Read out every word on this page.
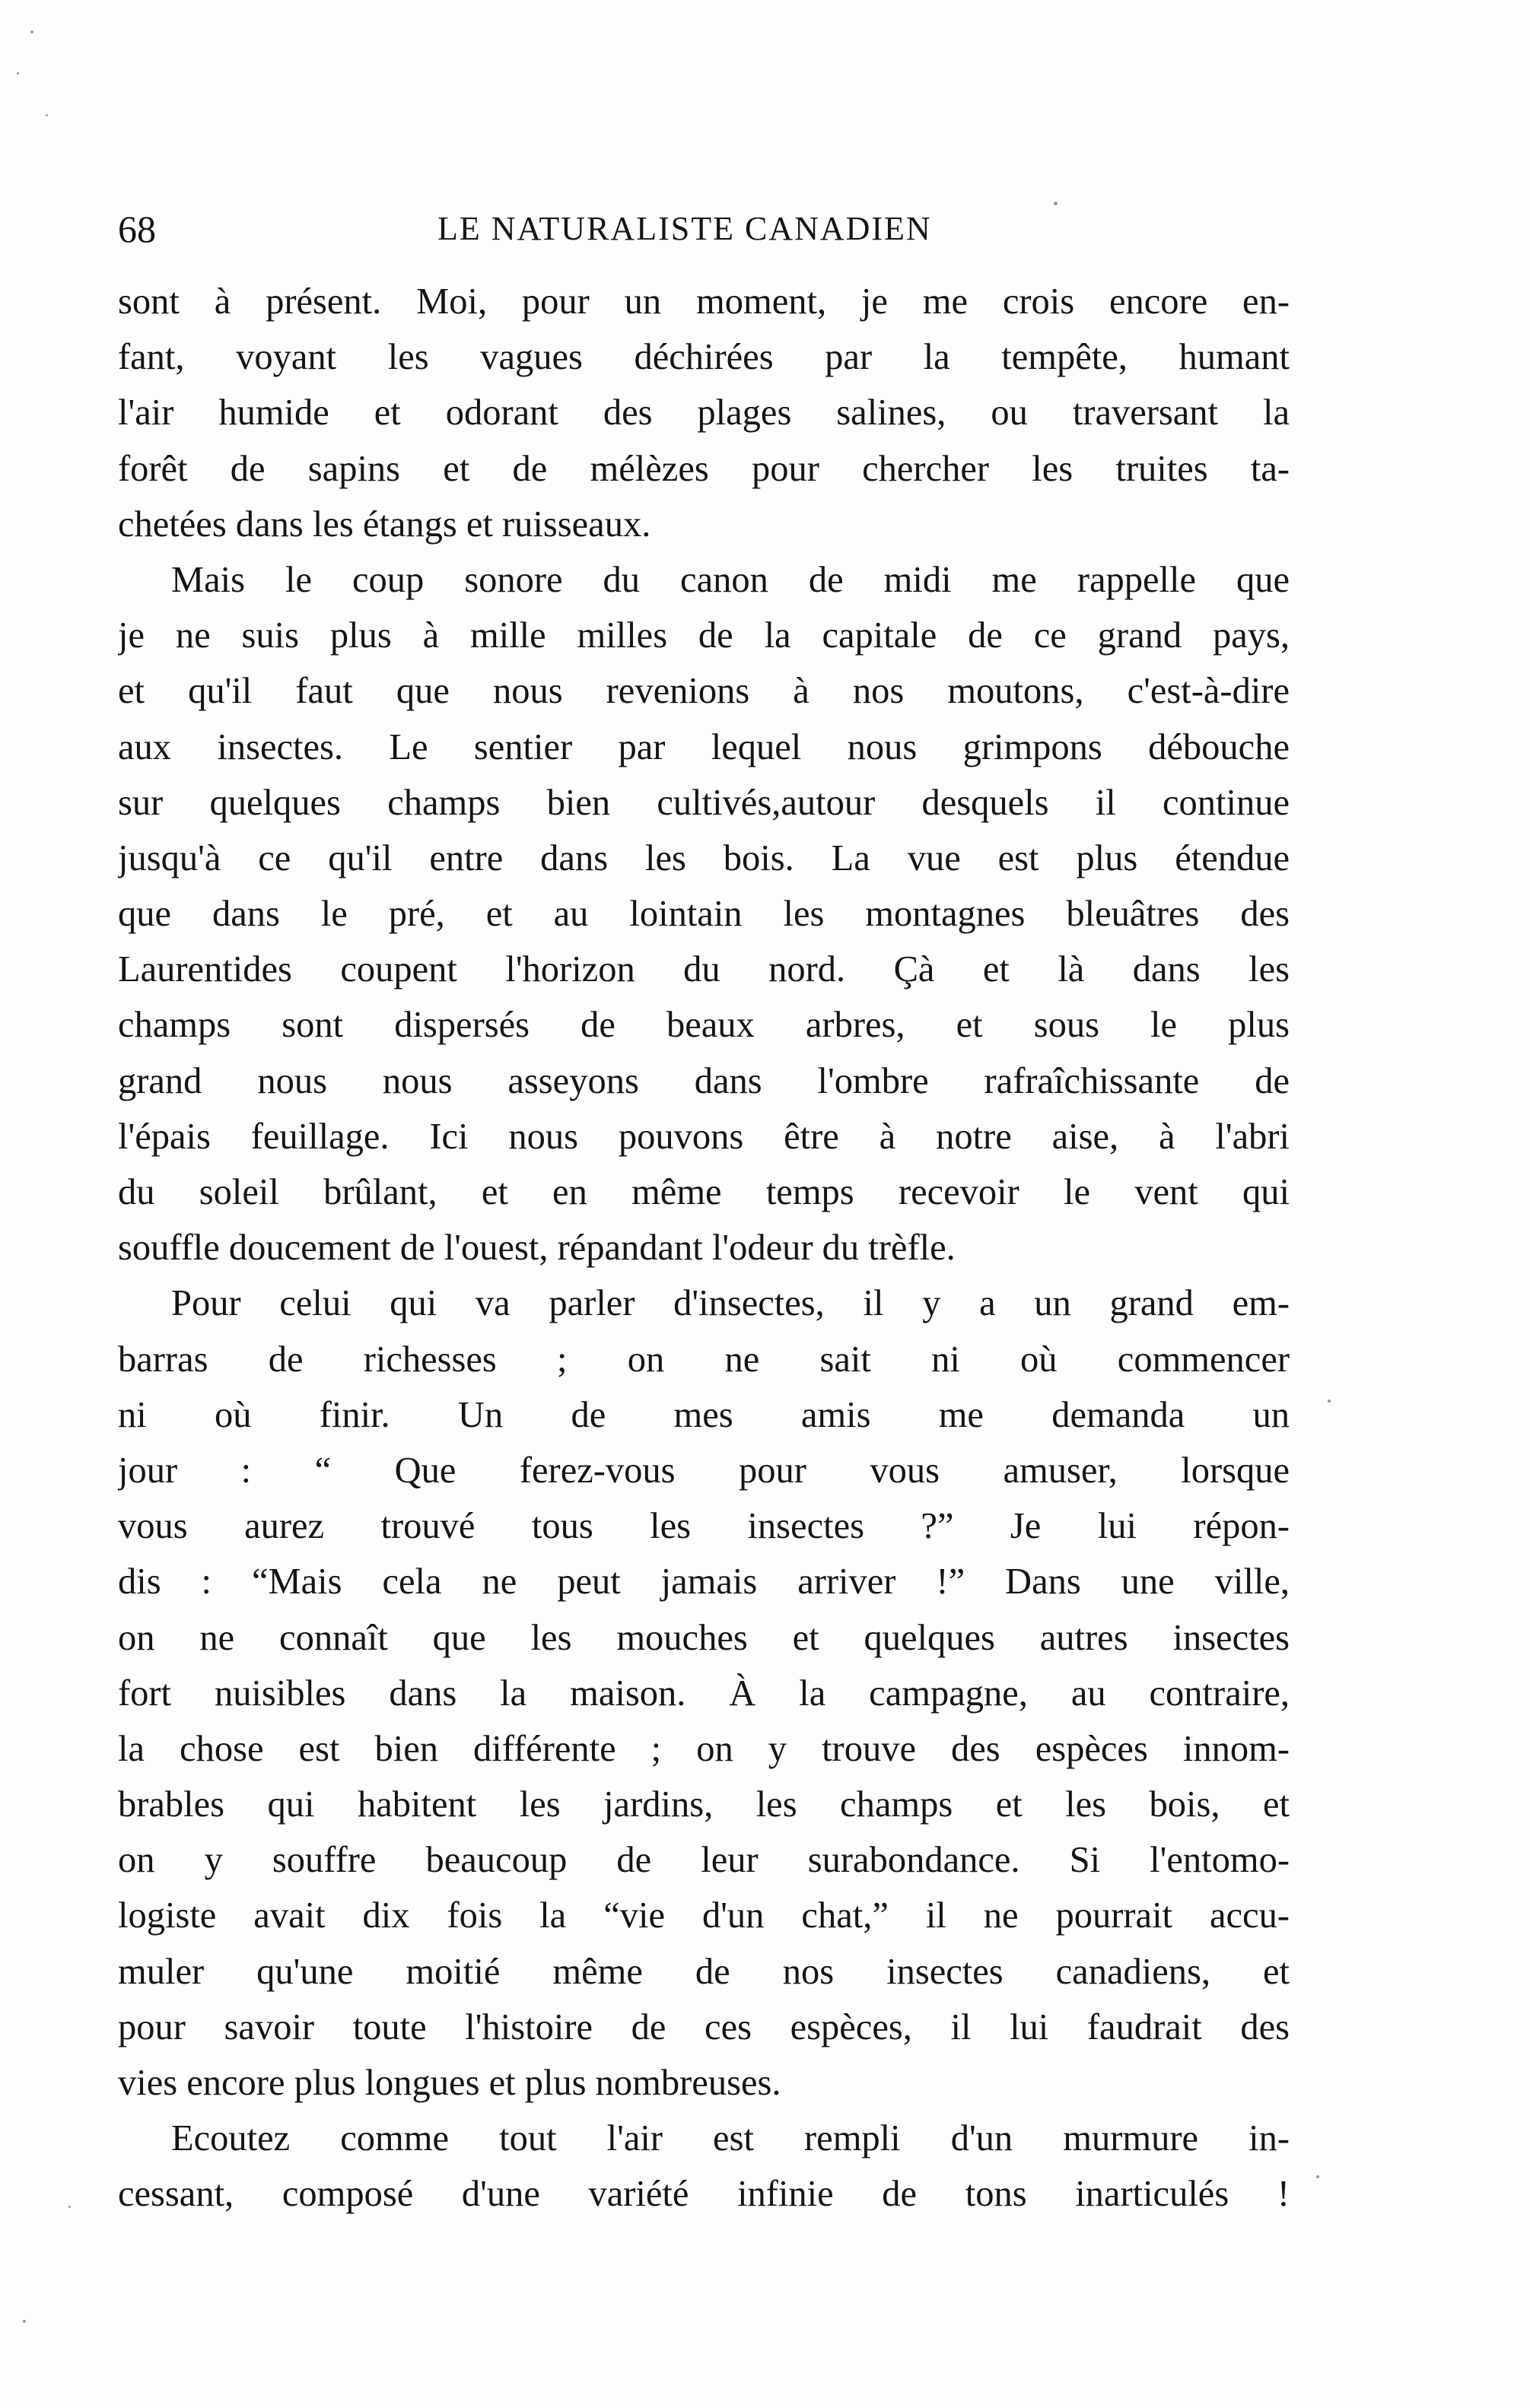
68	LE NATURALISTE CANADIEN
sont à présent. Moi, pour un moment, je me crois encore en-
fant, voyant les vagues déchirées par la tempête, humant
l'air humide et odorant des plages salines, ou traversant la
forêt de sapins et de mélèzes pour chercher les truites ta-
chetées dans les étangs et ruisseaux.
Mais le coup sonore du canon de midi me rappelle que
je ne suis plus à mille milles de la capitale de ce grand pays,
et qu'il faut que nous revenions à nos moutons, c'est-à-dire
aux insectes. Le sentier par lequel nous grimpons débouche
sur quelques champs bien cultivés,autour desquels il continue
jusqu'à ce qu'il entre dans les bois. La vue est plus étendue
que dans le pré, et au lointain les montagnes bleuâtres des
Laurentides coupent l'horizon du nord. Çà et là dans les
champs sont dispersés de beaux arbres, et sous le plus
grand nous nous asseyons dans l'ombre rafraîchissante de
l'épais feuillage. Ici nous pouvons être à notre aise, à l'abri
du soleil brûlant, et en même temps recevoir le vent qui
souffle doucement de l'ouest, répandant l'odeur du trèfle.
Pour celui qui va parler d'insectes, il y a un grand em-
barras de richesses ; on ne sait ni où commencer
ni où finir. Un de mes amis me demanda un
jour : “ Que ferez-vous pour vous amuser, lorsque
vous aurez trouvé tous les insectes ?” Je lui répon-
dis : “Mais cela ne peut jamais arriver !” Dans une ville,
on ne connaît que les mouches et quelques autres insectes
fort nuisibles dans la maison. À la campagne, au contraire,
la chose est bien différente ; on y trouve des espèces innom-
brables qui habitent les jardins, les champs et les bois, et
on y souffre beaucoup de leur surabondance. Si l'entomo-
logiste avait dix fois la “vie d'un chat,” il ne pourrait accu-
muler qu'une moitié même de nos insectes canadiens, et
pour savoir toute l'histoire de ces espèces, il lui faudrait des
vies encore plus longues et plus nombreuses.
Ecoutez comme tout l'air est rempli d'un murmure in-
cessant, composé d'une variété infinie de tons inarticulés !
